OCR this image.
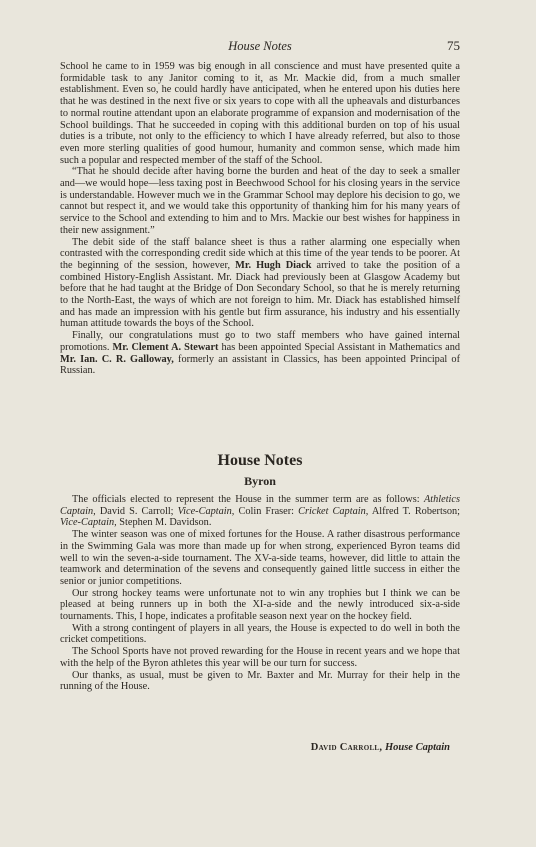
House Notes	75

School he came to in 1959 was big enough in all conscience and must have presented quite a formidable task to any Janitor coming to it, as Mr. Mackie did, from a much smaller establishment. Even so, he could hardly have anticipated, when he entered upon his duties here that he was destined in the next five or six years to cope with all the upheavals and disturbances to normal routine attendant upon an elaborate programme of expansion and modernisation of the School buildings. That he succeeded in coping with this additional burden on top of his usual duties is a tribute, not only to the efficiency to which I have already referred, but also to those even more sterling qualities of good humour, humanity and common sense, which made him such a popular and respected member of the staff of the School.

“That he should decide after having borne the burden and heat of the day to seek a smaller and—we would hope—less taxing post in Beechwood School for his closing years in the service is understandable. However much we in the Grammar School may deplore his decision to go, we cannot but respect it, and we would take this opportunity of thanking him for his many years of service to the School and extending to him and to Mrs. Mackie our best wishes for happiness in their new assignment.”

The debit side of the staff balance sheet is thus a rather alarming one especially when contrasted with the corresponding credit side which at this time of the year tends to be poorer. At the beginning of the session, however, Mr. Hugh Diack arrived to take the position of a combined History-English Assistant. Mr. Diack had previously been at Glasgow Academy but before that he had taught at the Bridge of Don Secondary School, so that he is merely returning to the North-East, the ways of which are not foreign to him. Mr. Diack has established himself and has made an impression with his gentle but firm assurance, his industry and his essentially human attitude towards the boys of the School.

Finally, our congratulations must go to two staff members who have gained internal promotions. Mr. Clement A. Stewart has been appointed Special Assistant in Mathematics and Mr. Ian. C. R. Galloway, formerly an assistant in Classics, has been appointed Principal of Russian.

House Notes
Byron

The officials elected to represent the House in the summer term are as follows: Athletics Captain, David S. Carroll; Vice-Captain, Colin Fraser: Cricket Captain, Alfred T. Robertson; Vice-Captain, Stephen M. Davidson.

The winter season was one of mixed fortunes for the House. A rather disastrous performance in the Swimming Gala was more than made up for when strong, experienced Byron teams did well to win the seven-a-side tournament. The XV-a-side teams, however, did little to attain the teamwork and determination of the sevens and consequently gained little success in either the senior or junior competitions.

Our strong hockey teams were unfortunate not to win any trophies but I think we can be pleased at being runners up in both the XI-a-side and the newly introduced six-a-side tournaments. This, I hope, indicates a profitable season next year on the hockey field.

With a strong contingent of players in all years, the House is expected to do well in both the cricket competitions.

The School Sports have not proved rewarding for the House in recent years and we hope that with the help of the Byron athletes this year will be our turn for success.

Our thanks, as usual, must be given to Mr. Baxter and Mr. Murray for their help in the running of the House.

David Carroll, House Captain
